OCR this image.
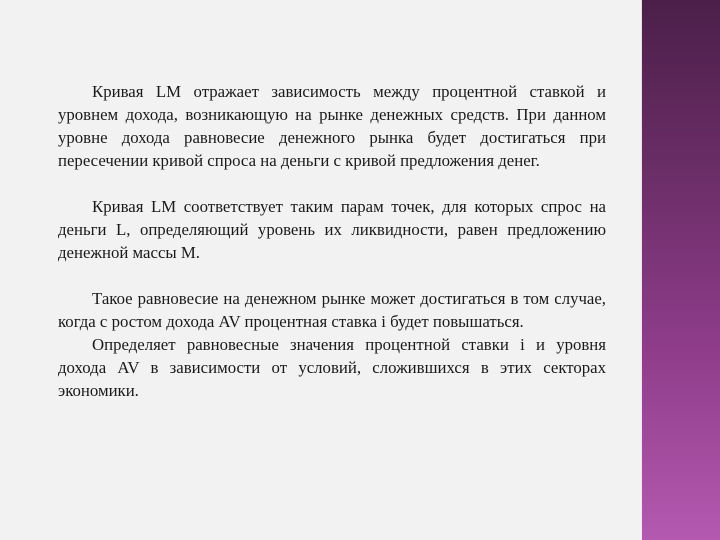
Кривая LM отражает зависимость между процентной ставкой и уровнем дохода, возникающую на рынке денежных средств. При данном уровне дохода равновесие денежного рынка будет достигаться при пересечении кривой спроса на деньги с кривой предложения денег.

Кривая LM соответствует таким парам точек, для которых спрос на деньги L, определяющий уровень их ликвидности, равен предложению денежной массы М.

Такое равновесие на денежном рынке может достигаться в том случае, когда с ростом дохода AV процентная ставка i будет повышаться.

Определяет равновесные значения процентной ставки i и уровня дохода AV в зависимости от условий, сложившихся в этих секторах экономики.
